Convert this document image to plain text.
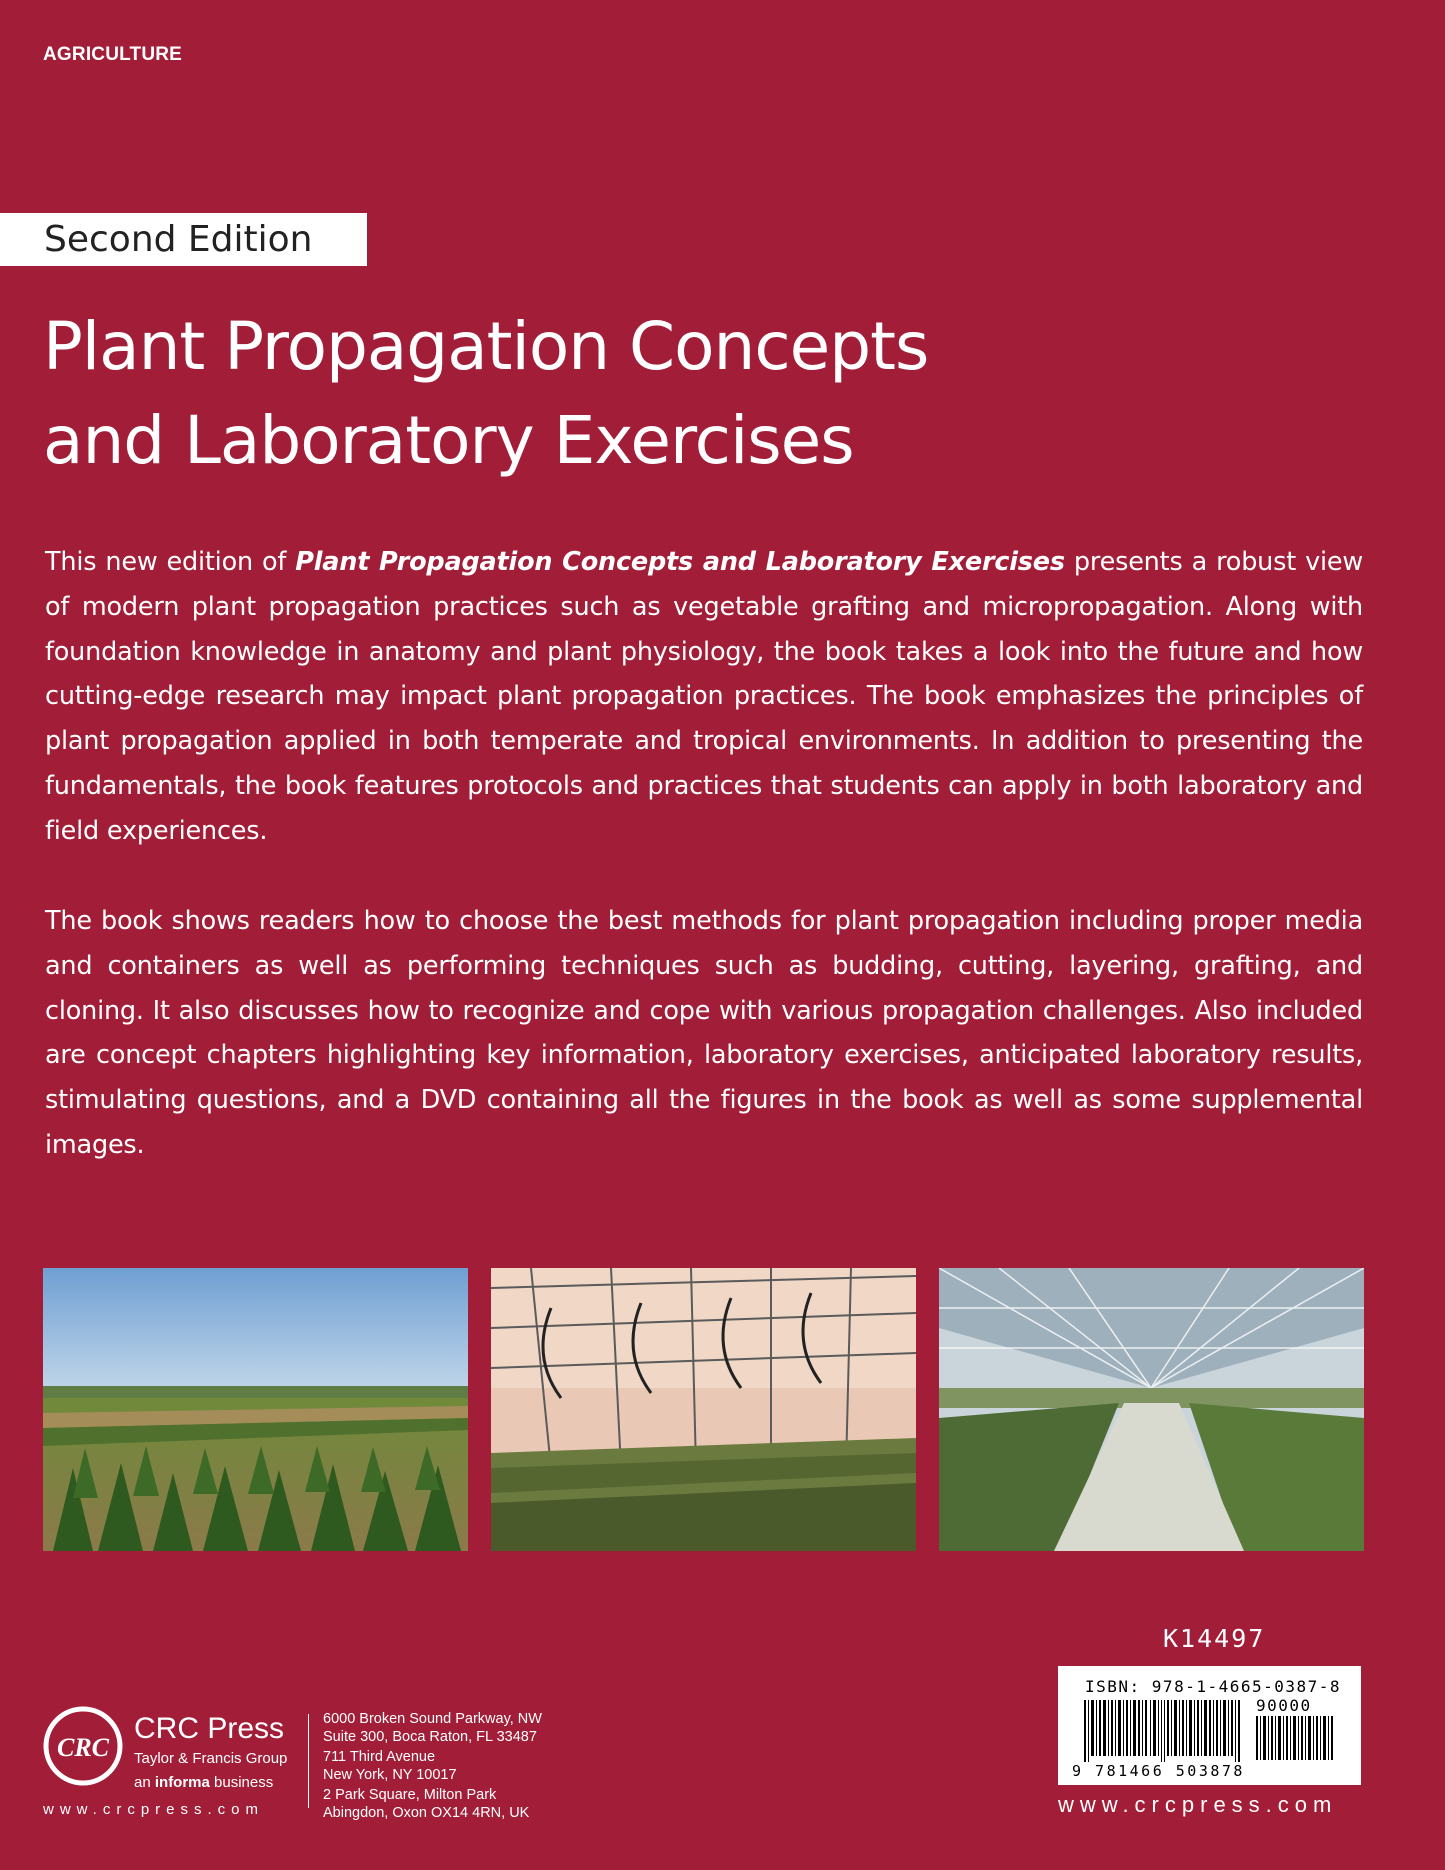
AGRICULTURE
Second Edition
Plant Propagation Concepts
and Laboratory Exercises
This new edition of Plant Propagation Concepts and Laboratory Exercises presents a robust view of modern plant propagation practices such as vegetable grafting and micropropagation. Along with foundation knowledge in anatomy and plant physiology, the book takes a look into the future and how cutting-edge research may impact plant propagation practices. The book emphasizes the principles of plant propagation applied in both temperate and tropical environments. In addition to presenting the fundamentals, the book features protocols and practices that students can apply in both laboratory and field experiences.
The book shows readers how to choose the best methods for plant propagation including proper media and containers as well as performing techniques such as budding, cutting, layering, grafting, and cloning. It also discusses how to recognize and cope with various propagation challenges. Also included are concept chapters highlighting key information, laboratory exercises, anticipated laboratory results, stimulating questions, and a DVD containing all the figures in the book as well as some supplemental images.
K14497
ISBN: 978-1-4665-0387-8
90000
9 781466 503878
www.crcpress.com
CRC
CRC Press
Taylor & Francis Group
an informa business
www.crcpress.com
6000 Broken Sound Parkway, NW
Suite 300, Boca Raton, FL 33487
711 Third Avenue
New York, NY 10017
2 Park Square, Milton Park
Abingdon, Oxon OX14 4RN, UK
